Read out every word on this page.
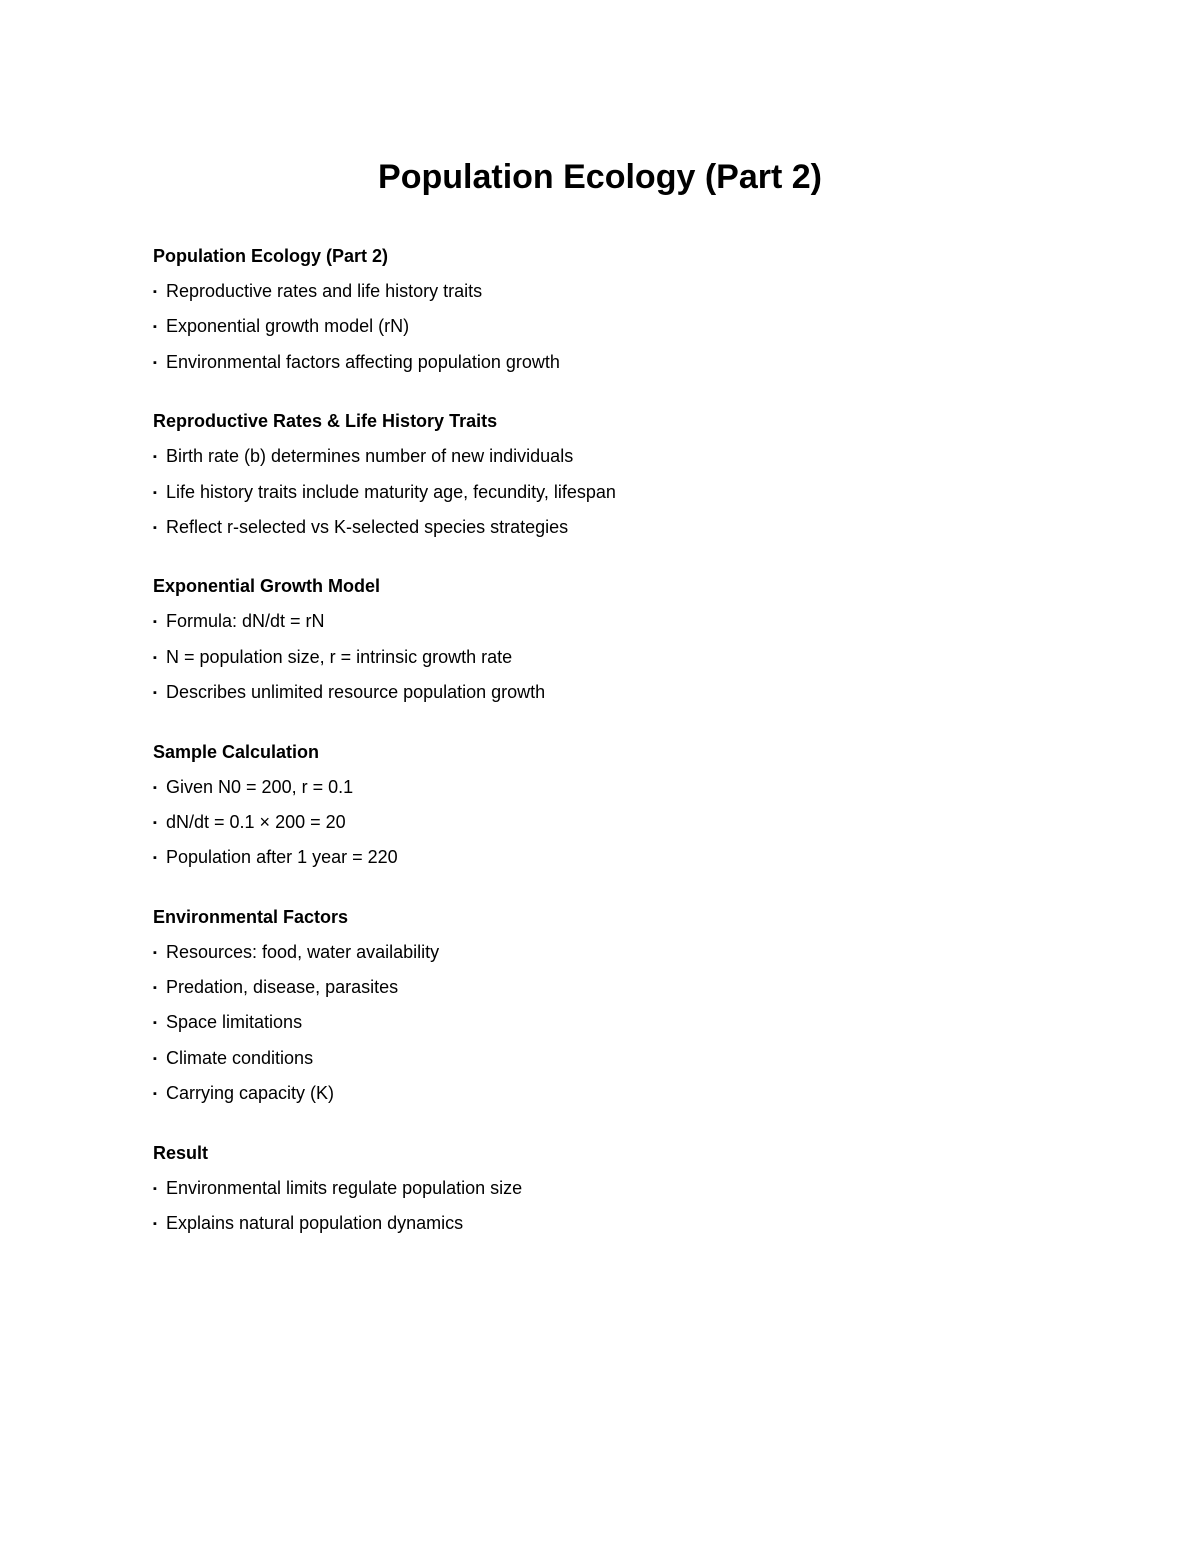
Population Ecology (Part 2)
Population Ecology (Part 2)
▪ Reproductive rates and life history traits
▪ Exponential growth model (rN)
▪ Environmental factors affecting population growth
Reproductive Rates & Life History Traits
▪ Birth rate (b) determines number of new individuals
▪ Life history traits include maturity age, fecundity, lifespan
▪ Reflect r-selected vs K-selected species strategies
Exponential Growth Model
▪ Formula: dN/dt = rN
▪ N = population size, r = intrinsic growth rate
▪ Describes unlimited resource population growth
Sample Calculation
▪ Given N0 = 200, r = 0.1
▪ dN/dt = 0.1 × 200 = 20
▪ Population after 1 year = 220
Environmental Factors
▪ Resources: food, water availability
▪ Predation, disease, parasites
▪ Space limitations
▪ Climate conditions
▪ Carrying capacity (K)
Result
▪ Environmental limits regulate population size
▪ Explains natural population dynamics
